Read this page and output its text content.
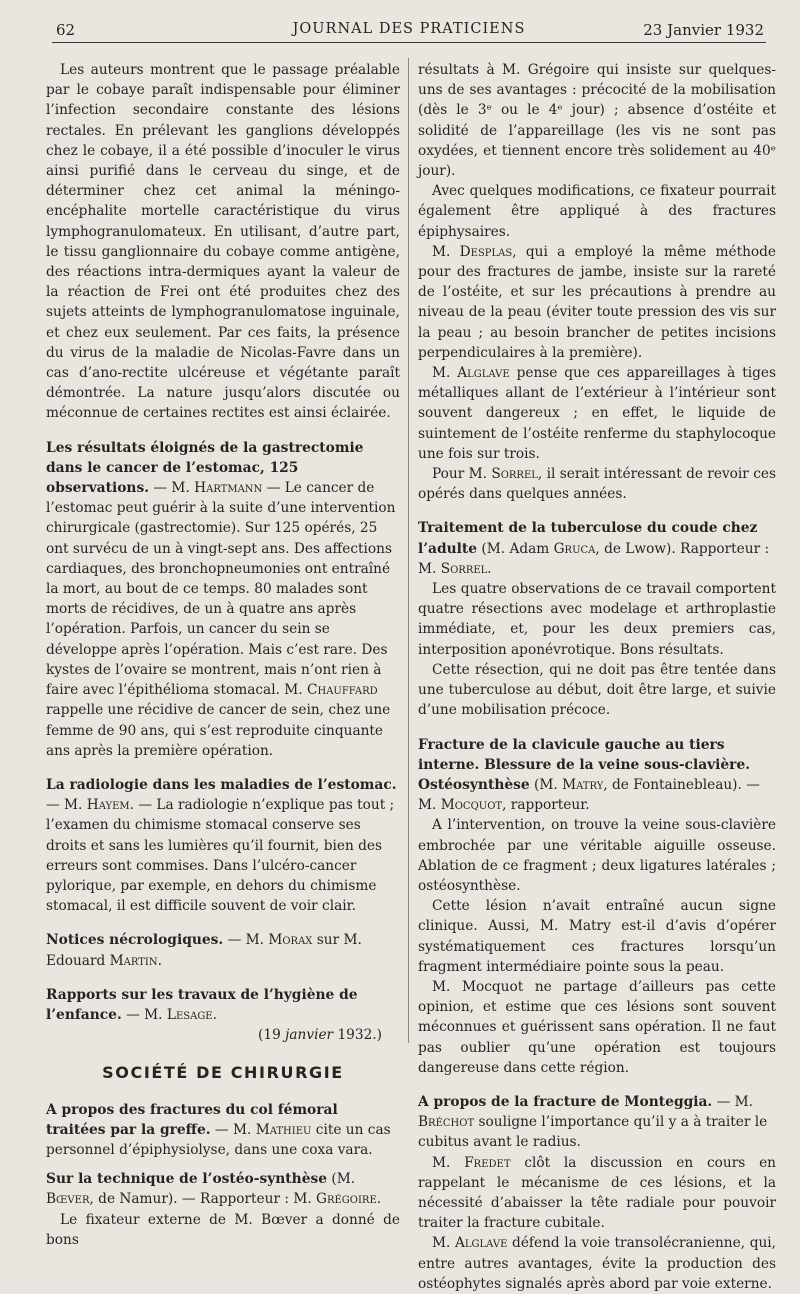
62	JOURNAL DES PRATICIENS	23 Janvier 1932

Les auteurs montrent que le passage préalable par le cobaye paraît indispensable pour éliminer l’infection secondaire constante des lésions rectales. En prélevant les ganglions développés chez le cobaye, il a été possible d’inoculer le virus ainsi purifié dans le cerveau du singe, et de déterminer chez cet animal la méningo-encéphalite mortelle caractéristique du virus lymphogranulomateux. En utilisant, d’autre part, le tissu ganglionnaire du cobaye comme antigène, des réactions intra-dermiques ayant la valeur de la réaction de Frei ont été produites chez des sujets atteints de lymphogranulomatose inguinale, et chez eux seulement. Par ces faits, la présence du virus de la maladie de Nicolas-Favre dans un cas d’ano-rectite ulcéreuse et végétante paraît démontrée. La nature jusqu’alors discutée ou méconnue de certaines rectites est ainsi éclairée.

Les résultats éloignés de la gastrectomie dans le cancer de l’estomac, 125 observations. — M. Hartmann — Le cancer de l’estomac peut guérir à la suite d’une intervention chirurgicale (gastrectomie). Sur 125 opérés, 25 ont survécu de un à vingt-sept ans. Des affections cardiaques, des bronchopneumonies ont entraîné la mort, au bout de ce temps. 80 malades sont morts de récidives, de un à quatre ans après l’opération. Parfois, un cancer du sein se développe après l’opération. Mais c’est rare. Des kystes de l’ovaire se montrent, mais n’ont rien à faire avec l’épithélioma stomacal. M. Chauffard rappelle une récidive de cancer de sein, chez une femme de 90 ans, qui s’est reproduite cinquante ans après la première opération.

La radiologie dans les maladies de l’estomac. — M. Hayem. — La radiologie n’explique pas tout ; l’examen du chimisme stomacal conserve ses droits et sans les lumières qu’il fournit, bien des erreurs sont commises. Dans l’ulcéro-cancer pylorique, par exemple, en dehors du chimisme stomacal, il est difficile souvent de voir clair.

Notices nécrologiques. — M. Morax sur M. Edouard Martin.

Rapports sur les travaux de l’hygiène de l’enfance. — M. Lesage.

(19 janvier 1932.)

SOCIÉTÉ DE CHIRURGIE

A propos des fractures du col fémoral traitées par la greffe. — M. Mathieu cite un cas personnel d’épiphysiolyse, dans une coxa vara.

Sur la technique de l’ostéo-synthèse (M. Bœver, de Namur). — Rapporteur : M. Grégoire.

Le fixateur externe de M. Bœver a donné de bons

résultats à M. Grégoire qui insiste sur quelques-uns de ses avantages : précocité de la mobilisation (dès le 3ᵉ ou le 4ᵉ jour) ; absence d’ostéite et solidité de l’appareillage (les vis ne sont pas oxydées, et tiennent encore très solidement au 40ᵉ jour).

Avec quelques modifications, ce fixateur pourrait également être appliqué à des fractures épiphysaires.

M. Desplas, qui a employé la même méthode pour des fractures de jambe, insiste sur la rareté de l’ostéite, et sur les précautions à prendre au niveau de la peau (éviter toute pression des vis sur la peau ; au besoin brancher de petites incisions perpendiculaires à la première).

M. Alglave pense que ces appareillages à tiges métalliques allant de l’extérieur à l’intérieur sont souvent dangereux ; en effet, le liquide de suintement de l’ostéite renferme du staphylocoque une fois sur trois.

Pour M. Sorrel, il serait intéressant de revoir ces opérés dans quelques années.

Traitement de la tuberculose du coude chez l’adulte (M. Adam Gruca, de Lwow). Rapporteur : M. Sorrel.

Les quatre observations de ce travail comportent quatre résections avec modelage et arthroplastie immédiate, et, pour les deux premiers cas, interposition aponévrotique. Bons résultats.

Cette résection, qui ne doit pas être tentée dans une tuberculose au début, doit être large, et suivie d’une mobilisation précoce.

Fracture de la clavicule gauche au tiers interne. Blessure de la veine sous-clavière. Ostéosynthèse (M. Matry, de Fontainebleau). — M. Mocquot, rapporteur.

A l’intervention, on trouve la veine sous-clavière embrochée par une véritable aiguille osseuse. Ablation de ce fragment ; deux ligatures latérales ; ostéosynthèse.

Cette lésion n’avait entraîné aucun signe clinique. Aussi, M. Matry est-il d’avis d’opérer systématiquement ces fractures lorsqu’un fragment intermédiaire pointe sous la peau.

M. Mocquot ne partage d’ailleurs pas cette opinion, et estime que ces lésions sont souvent méconnues et guérissent sans opération. Il ne faut pas oublier qu’une opération est toujours dangereuse dans cette région.

A propos de la fracture de Monteggia. — M. Bréchot souligne l’importance qu’il y a à traiter le cubitus avant le radius.

M. Fredet clôt la discussion en cours en rappelant le mécanisme de ces lésions, et la nécessité d’abaisser la tête radiale pour pouvoir traiter la fracture cubitale.

M. Alglave défend la voie transolécranienne, qui, entre autres avantages, évite la production des ostéophytes signalés après abord par voie externe.
